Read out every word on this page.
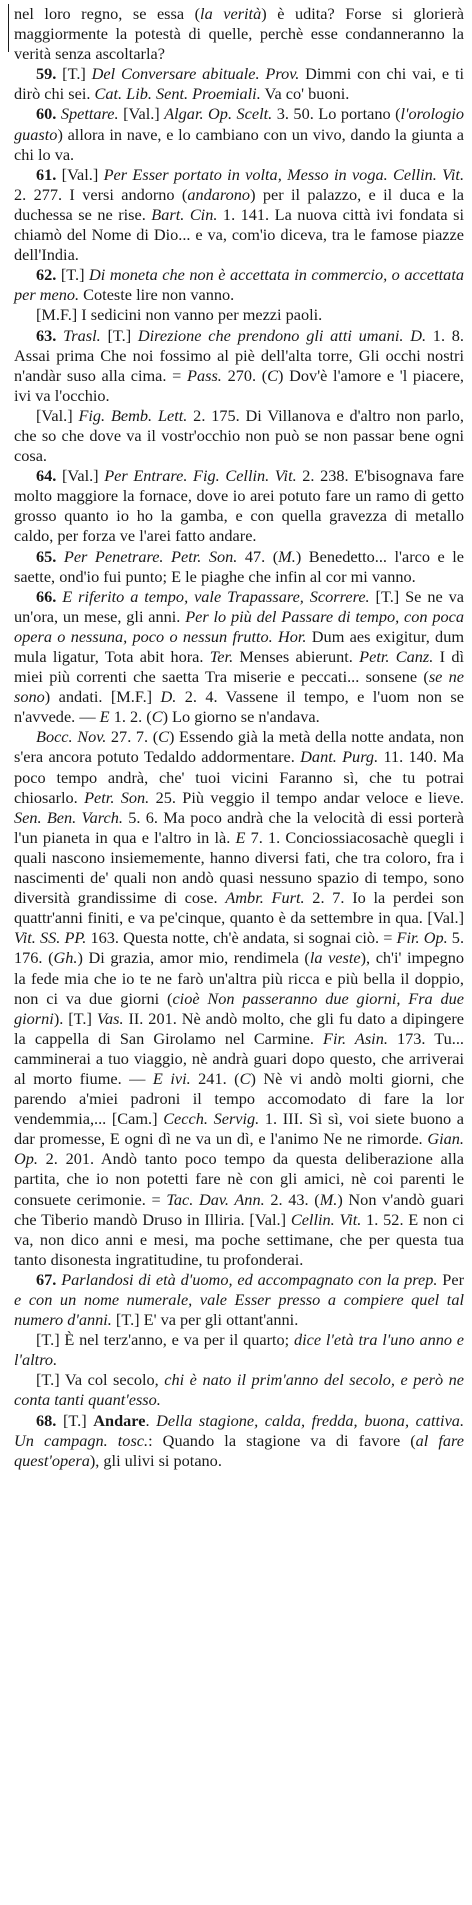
nel loro regno, se essa (la verità) è udita? Forse si glorierà maggiormente la potestà di quelle, perchè esse condanneranno la verità senza ascoltarla?

59. [T.] Del Conversare abituale. Prov. Dimmi con chi vai, e ti dirò chi sei. Cat. Lib. Sent. Proemiali. Va co' buoni.

60. Spettare. [Val.] Algar. Op. Scelt. 3. 50. Lo portano (l'orologio guasto) allora in nave, e lo cambiano con un vivo, dando la giunta a chi lo va.

61. [Val.] Per Esser portato in volta, Messo in voga. Cellin. Vit. 2. 277. I versi andorno (andarono) per il palazzo, e il duca e la duchessa se ne rise. Bart. Cin. 1. 141. La nuova città ivi fondata si chiamò del Nome di Dio... e va, com'io diceva, tra le famose piazze dell'India.

62. [T.] Di moneta che non è accettata in commercio, o accettata per meno. Coteste lire non vanno.

[M.F.] I sedicini non vanno per mezzi paoli.

63. Trasl. [T.] Direzione che prendono gli atti umani. D. 1. 8. Assai prima Che noi fossimo al piè dell'alta torre, Gli occhi nostri n'andàr suso alla cima. = Pass. 270. (C) Dov'è l'amore e 'l piacere, ivi va l'occhio.

[Val.] Fig. Bemb. Lett. 2. 175. Di Villanova e d'altro non parlo, che so che dove va il vostr'occhio non può se non passar bene ogni cosa.

64. [Val.] Per Entrare. Fig. Cellin. Vit. 2. 238. E'bisognava fare molto maggiore la fornace, dove io arei potuto fare un ramo di getto grosso quanto io ho la gamba, e con quella gravezza di metallo caldo, per forza ve l'arei fatto andare.

65. Per Penetrare. Petr. Son. 47. (M.) Benedetto... l'arco e le saette, ond'io fui punto; E le piaghe che infin al cor mi vanno.

66. E riferito a tempo, vale Trapassare, Scorrere. [T.] Se ne va un'ora, un mese, gli anni. Per lo più del Passare di tempo, con poca opera o nessuna, poco o nessun frutto. Hor. Dum aes exigitur, dum mula ligatur, Tota abit hora. Ter. Menses abierunt. Petr. Canz. I dì miei più correnti che saetta Tra miserie e peccati... sonsene (se ne sono) andati. [M.F.] D. 2. 4. Vassene il tempo, e l'uom non se n'avvede. — E 1. 2. (C) Lo giorno se n'andava.

Bocc. Nov. 27. 7. (C) Essendo già la metà della notte andata, non s'era ancora potuto Tedaldo addormentare. Dant. Purg. 11. 140. Ma poco tempo andrà, che' tuoi vicini Faranno sì, che tu potrai chiosarlo. Petr. Son. 25. Più veggio il tempo andar veloce e lieve. Sen. Ben. Varch. 5. 6. Ma poco andrà che la velocità di essi porterà l'un pianeta in qua e l'altro in là. E 7. 1. Conciossiacosachè quegli i quali nascono insiememente, hanno diversi fati, che tra coloro, fra i nascimenti de' quali non andò quasi nessuno spazio di tempo, sono diversità grandissime di cose. Ambr. Furt. 2. 7. Io la perdei son quattr'anni finiti, e va pe'cinque, quanto è da settembre in qua. [Val.] Vit. SS. PP. 163. Questa notte, ch'è andata, si sognai ciò. = Fir. Op. 5. 176. (Gh.) Di grazia, amor mio, rendimela (la veste), ch'i' impegno la fede mia che io te ne farò un'altra più ricca e più bella il doppio, non ci va due giorni (cioè Non passeranno due giorni, Fra due giorni). [T.] Vas. II. 201. Nè andò molto, che gli fu dato a dipingere la cappella di San Girolamo nel Carmine. Fir. Asin. 173. Tu... camminerai a tuo viaggio, nè andrà guari dopo questo, che arriverai al morto fiume. — E ivi. 241. (C) Nè vi andò molti giorni, che parendo a'miei padroni il tempo accomodato di fare la lor vendemmia,... [Cam.] Cecch. Servig. 1. III. Sì sì, voi siete buono a dar promesse, E ogni dì ne va un dì, e l'animo Ne ne rimorde. Gian. Op. 2. 201. Andò tanto poco tempo da questa deliberazione alla partita, che io non potetti fare nè con gli amici, nè coi parenti le consuete cerimonie. = Tac. Dav. Ann. 2. 43. (M.) Non v'andò guari che Tiberio mandò Druso in Illiria. [Val.] Cellin. Vit. 1. 52. E non ci va, non dico anni e mesi, ma poche settimane, che per questa tua tanto disonesta ingratitudine, tu profonderai.

67. Parlandosi di età d'uomo, ed accompagnato con la prep. Per e con un nome numerale, vale Esser presso a compiere quel tal numero d'anni. [T.] E' va per gli ottant'anni.

[T.] È nel terz'anno, e va per il quarto; dice l'età tra l'uno anno e l'altro.

[T.] Va col secolo, chi è nato il prim'anno del secolo, e però ne conta tanti quant'esso.

68. [T.] Andare. Della stagione, calda, fredda, buona, cattiva. Un campagn. tosc.: Quando la stagione va di favore (al fare quest'opera), gli ulivi si potano.
